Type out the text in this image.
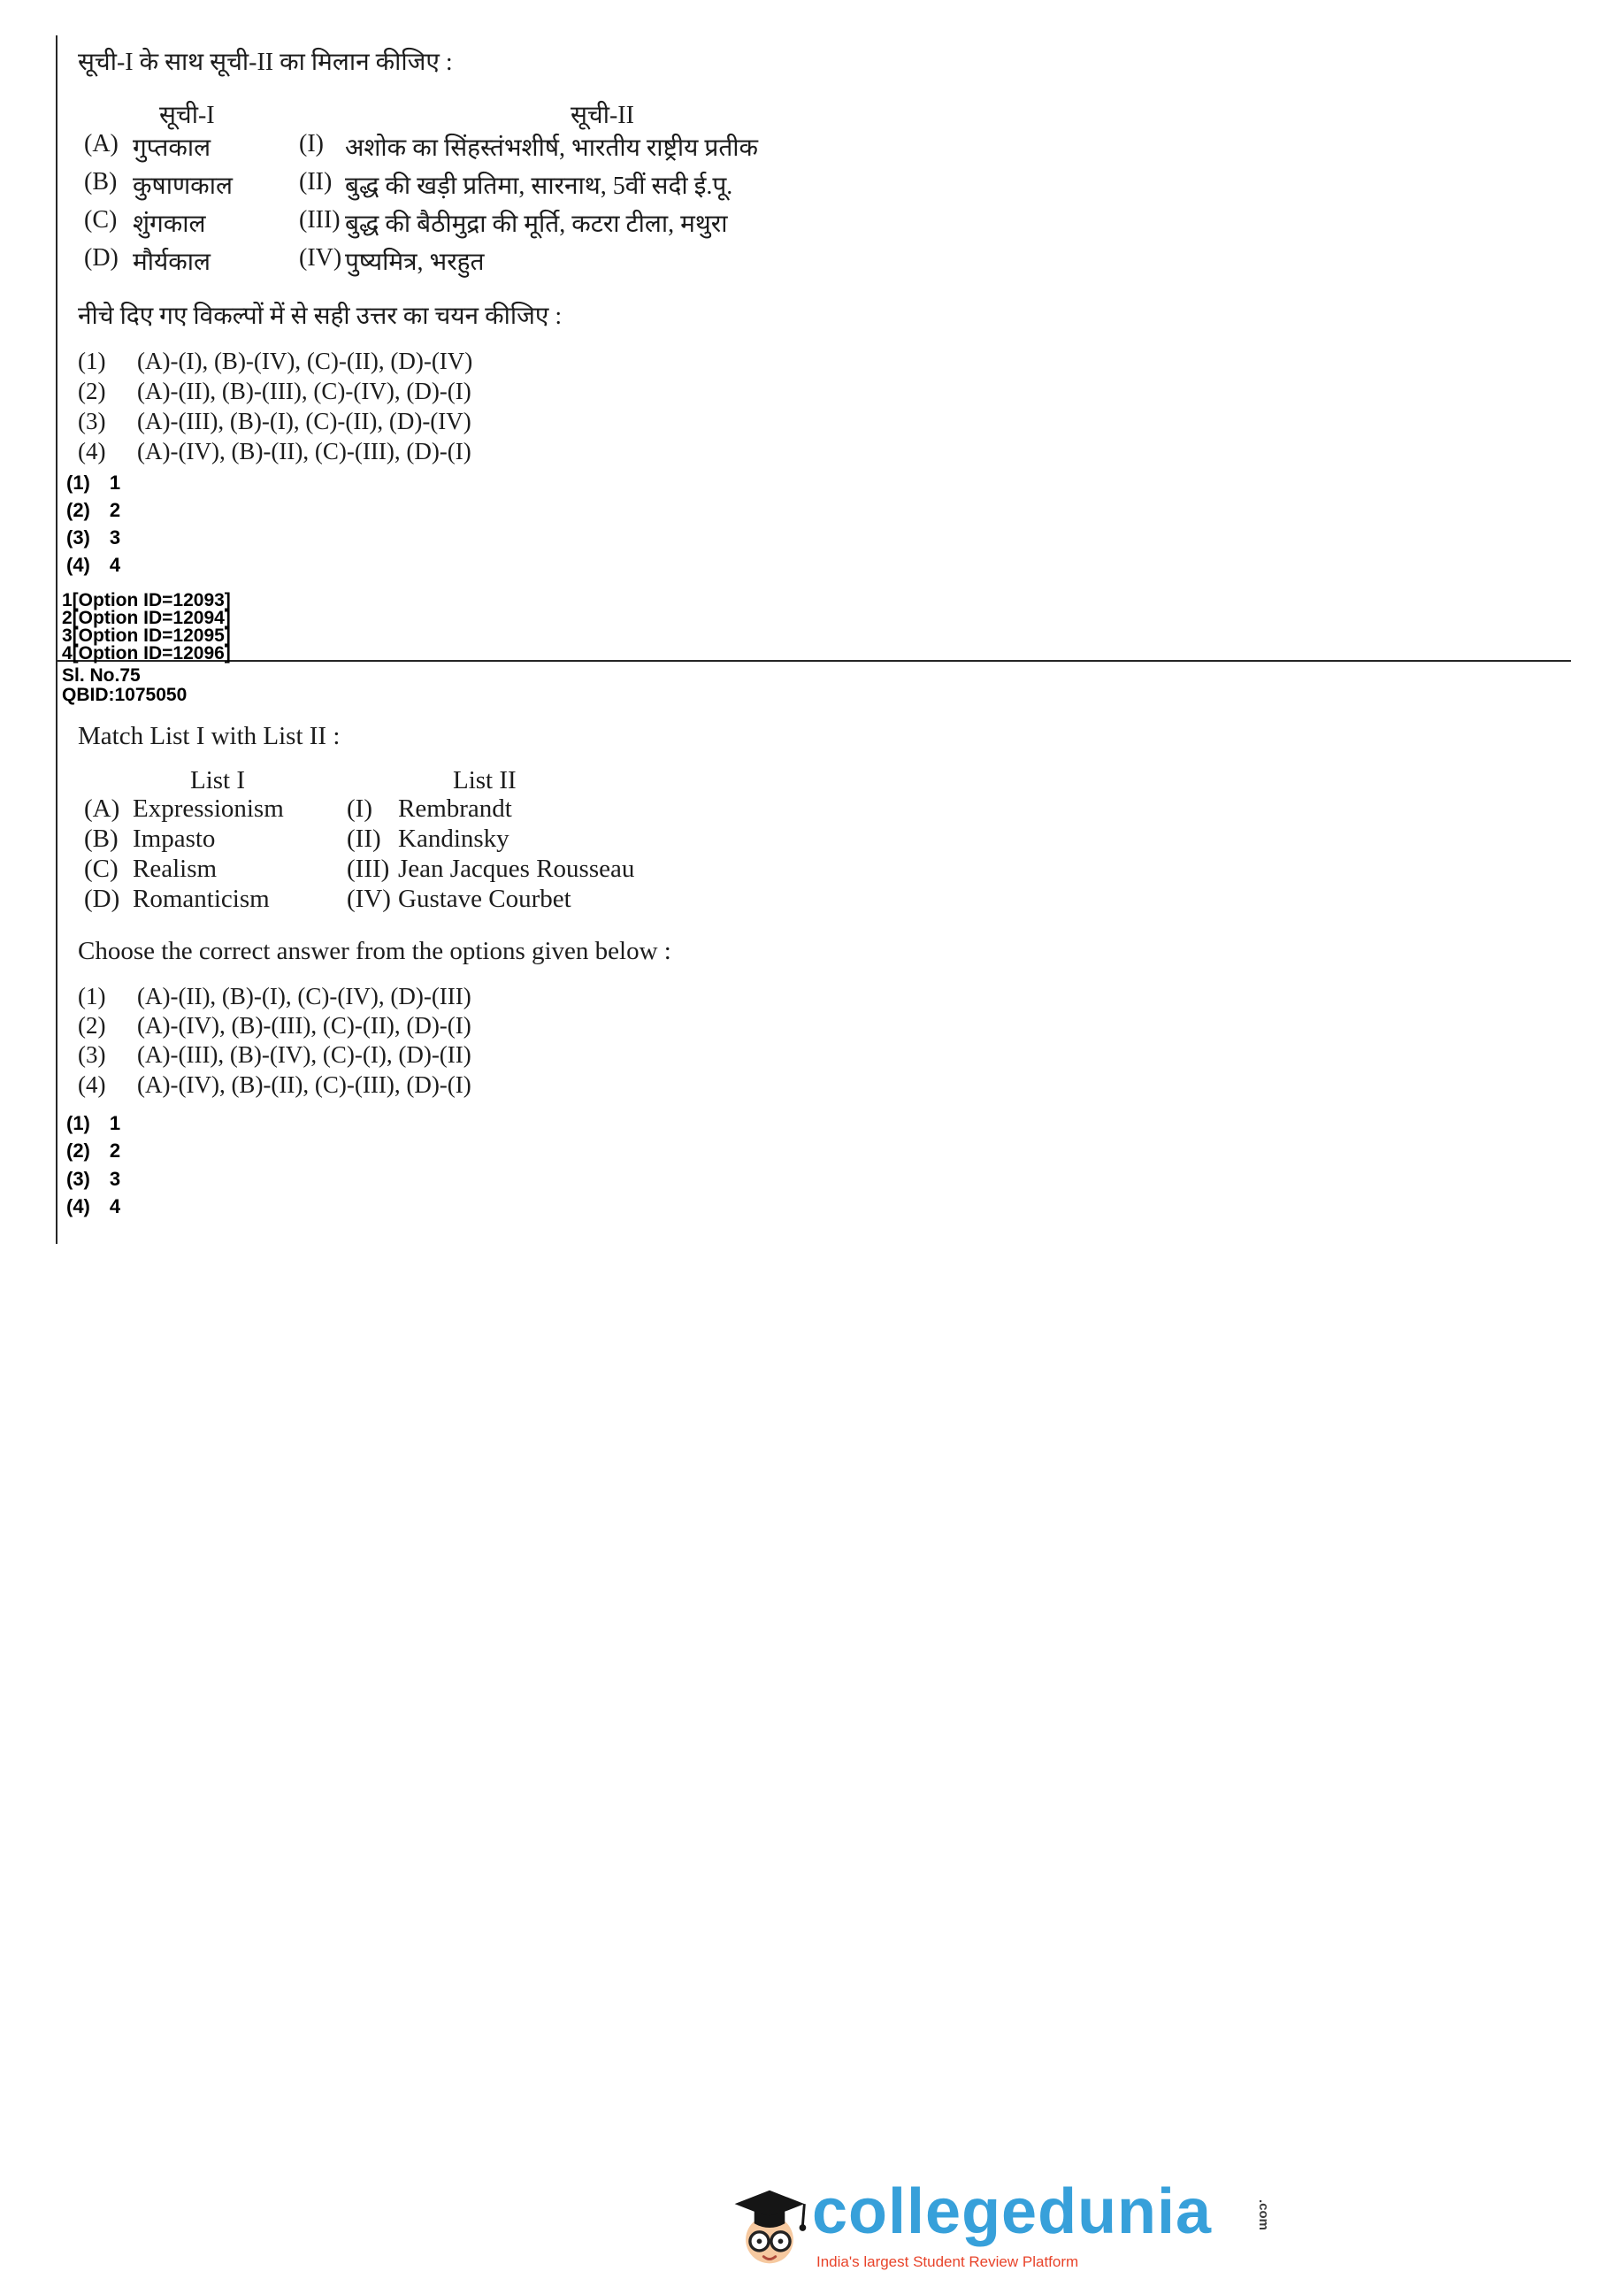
सूची-I के साथ सूची-II का मिलान कीजिए :
सूची-I	सूची-II
(A) गुप्तकाल	(I) अशोक का सिंहस्तंभशीर्ष, भारतीय राष्ट्रीय प्रतीक
(B) कुषाणकाल	(II) बुद्ध की खड़ी प्रतिमा, सारनाथ, 5वीं सदी ई.पू.
(C) शुंगकाल	(III) बुद्ध की बैठीमुद्रा की मूर्ति, कटरा टीला, मथुरा
(D) मौर्यकाल	(IV) पुष्यमित्र, भरहुत
नीचे दिए गए विकल्पों में से सही उत्तर का चयन कीजिए :
(1) (A)-(I), (B)-(IV), (C)-(II), (D)-(IV)
(2) (A)-(II), (B)-(III), (C)-(IV), (D)-(I)
(3) (A)-(III), (B)-(I), (C)-(II), (D)-(IV)
(4) (A)-(IV), (B)-(II), (C)-(III), (D)-(I)
(1) 1
(2) 2
(3) 3
(4) 4
1[Option ID=12093]
2[Option ID=12094]
3[Option ID=12095]
4[Option ID=12096]
Sl. No.75
QBID:1075050
Match List I with List II :
List I	List II
(A) Expressionism (I) Rembrandt
(B) Impasto	(II) Kandinsky
(C) Realism	(III) Jean Jacques Rousseau
(D) Romanticism	(IV) Gustave Courbet
Choose the correct answer from the options given below :
(1) (A)-(II), (B)-(I), (C)-(IV), (D)-(III)
(2) (A)-(IV), (B)-(III), (C)-(II), (D)-(I)
(3) (A)-(III), (B)-(IV), (C)-(I), (D)-(II)
(4) (A)-(IV), (B)-(II), (C)-(III), (D)-(I)
(1) 1
(2) 2
(3) 3
(4) 4
collegedunia	.com
India's largest Student Review Platform
